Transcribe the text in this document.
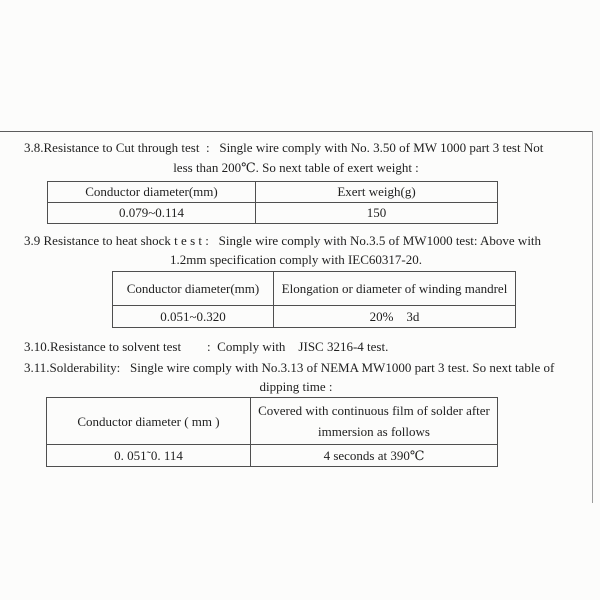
3.8.Resistance to Cut through test  :   Single wire comply with No. 3.50 of MW 1000 part 3 test Not
less than 200℃. So next table of exert weight :
Conductor diameter(mm)	Exert weigh(g)
0.079~0.114	150
3.9 Resistance to heat shock t e s t :   Single wire comply with No.3.5 of MW1000 test: Above with
1.2mm specification comply with IEC60317-20.
Conductor diameter(mm)	Elongation or diameter of winding mandrel
0.051~0.320	20%    3d
3.10.Resistance to solvent test        :  Comply with    JISC 3216-4 test.
3.11.Solderability:   Single wire comply with No.3.13 of NEMA MW1000 part 3 test. So next table of
dipping time :
Conductor diameter ( mm )	Covered with continuous film of solder after immersion as follows
0. 051˜0. 114	4 seconds at 390℃
